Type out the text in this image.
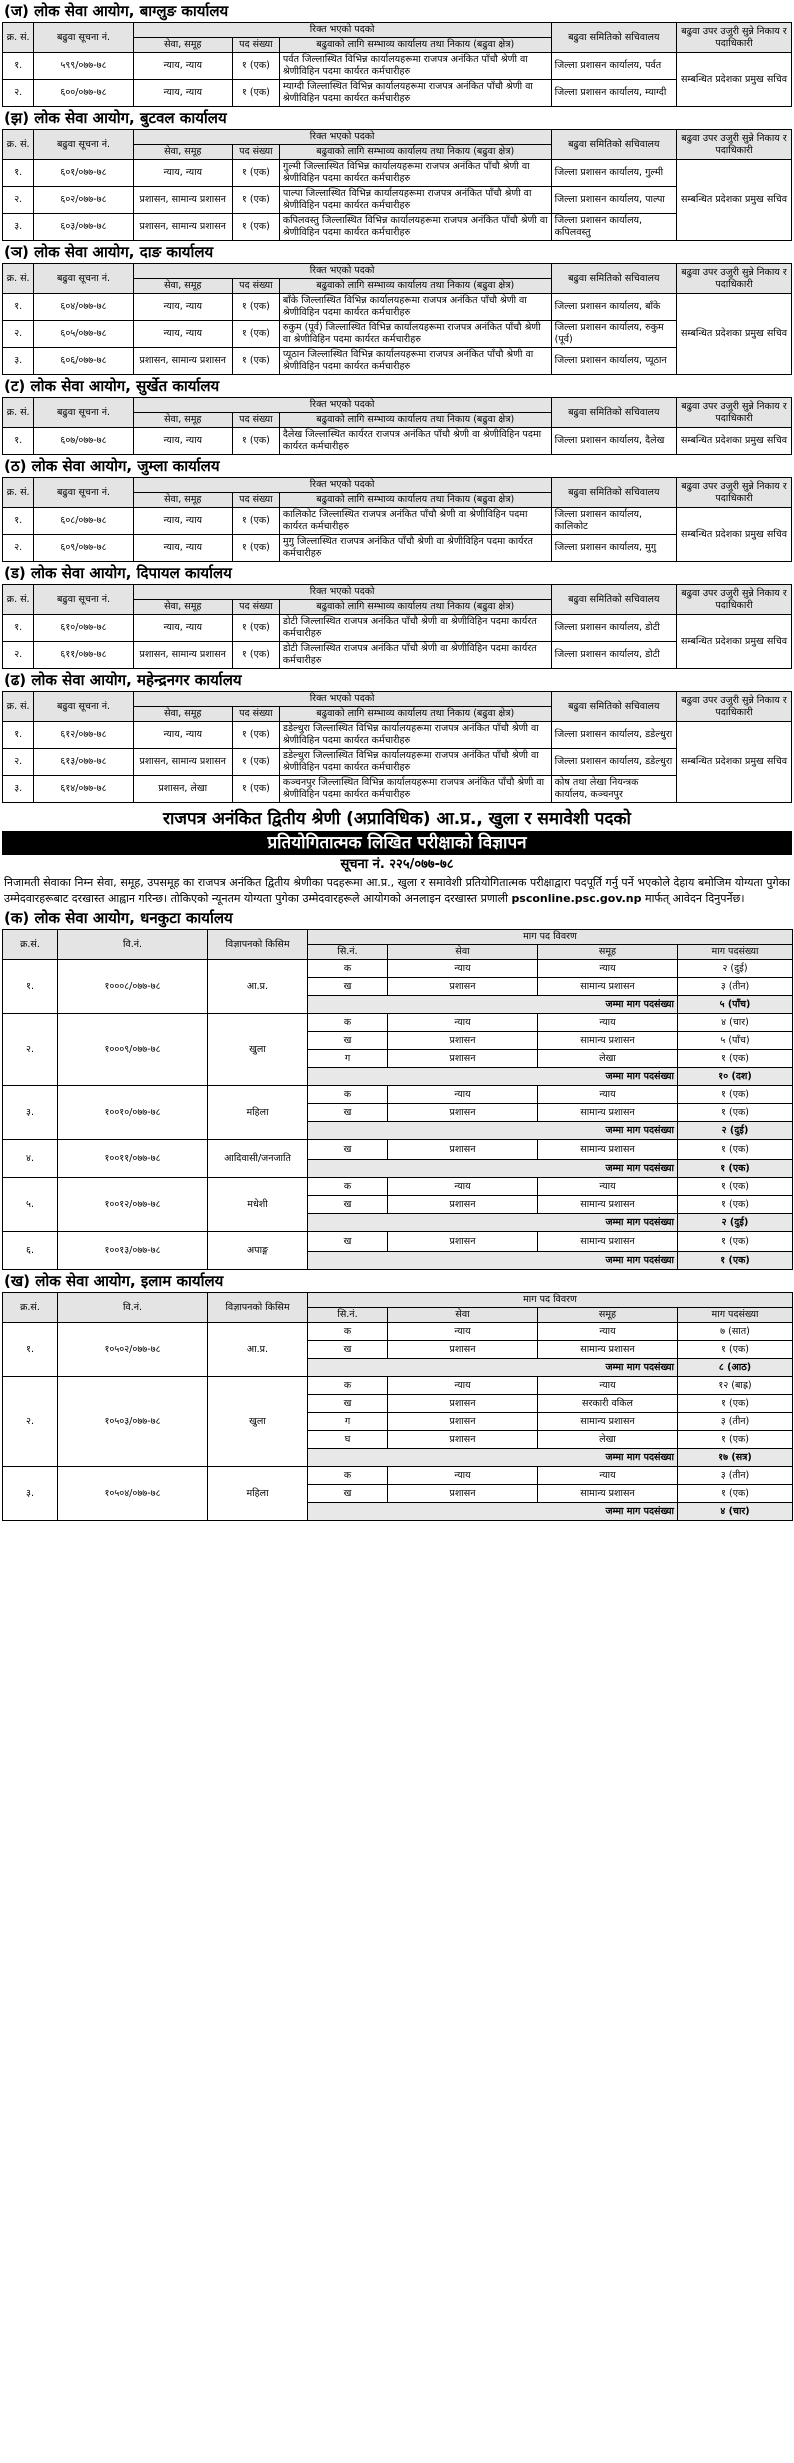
(ज) लोक सेवा आयोग, बाग्लुङ कार्यालय
क्र. सं.	बढुवा सूचना नं.	रिक्त भएको पदको			बढुवा समितिको सचिवालय	बढुवा उपर उजुरी सुन्ने निकाय र पदाधिकारी
		सेवा, समूह	पद संख्या	बढुवाको लागि सम्भाव्य कार्यालय तथा निकाय (बढुवा क्षेत्र)		
१.	५९९/०७७-७८	न्याय, न्याय	१ (एक)	पर्वत जिल्लास्थित विभिन्न कार्यालयहरूमा राजपत्र अनंकित पाँचौ श्रेणी वा श्रेणीविहिन पदमा कार्यरत कर्मचारीहरु	जिल्ला प्रशासन कार्यालय, पर्वत	सम्बन्धित प्रदेशका प्रमुख सचिव
२.	६००/०७७-७८	न्याय, न्याय	१ (एक)	म्याग्दी जिल्लास्थित विभिन्न कार्यालयहरूमा राजपत्र अनंकित पाँचौ श्रेणी वा श्रेणीविहिन पदमा कार्यरत कर्मचारीहरु	जिल्ला प्रशासन कार्यालय, म्याग्दी	
(झ) लोक सेवा आयोग, बुटवल कार्यालय
क्र. सं.	बढुवा सूचना नं.	रिक्त भएको पदको			बढुवा समितिको सचिवालय	बढुवा उपर उजुरी सुन्ने निकाय र पदाधिकारी
		सेवा, समूह	पद संख्या	बढुवाको लागि सम्भाव्य कार्यालय तथा निकाय (बढुवा क्षेत्र)		
१.	६०१/०७७-७८	न्याय, न्याय	१ (एक)	गुल्मी जिल्लास्थित विभिन्न कार्यालयहरूमा राजपत्र अनंकित पाँचौ श्रेणी वा श्रेणीविहिन पदमा कार्यरत कर्मचारीहरु	जिल्ला प्रशासन कार्यालय, गुल्मी	सम्बन्धित प्रदेशका प्रमुख सचिव
२.	६०२/०७७-७८	प्रशासन, सामान्य प्रशासन	१ (एक)	पाल्पा जिल्लास्थित विभिन्न कार्यालयहरूमा राजपत्र अनंकित पाँचौ श्रेणी वा श्रेणीविहिन पदमा कार्यरत कर्मचारीहरु	जिल्ला प्रशासन कार्यालय, पाल्पा	
३.	६०३/०७७-७८	प्रशासन, सामान्य प्रशासन	१ (एक)	कपिलवस्तु जिल्लास्थित विभिन्न कार्यालयहरूमा राजपत्र अनंकित पाँचौ श्रेणी वा श्रेणीविहिन पदमा कार्यरत कर्मचारीहरु	जिल्ला प्रशासन कार्यालय, कपिलवस्तु	
(ञ) लोक सेवा आयोग, दाङ कार्यालय
क्र. सं.	बढुवा सूचना नं.	रिक्त भएको पदको			बढुवा समितिको सचिवालय	बढुवा उपर उजुरी सुन्ने निकाय र पदाधिकारी
		सेवा, समूह	पद संख्या	बढुवाको लागि सम्भाव्य कार्यालय तथा निकाय (बढुवा क्षेत्र)		
१.	६०४/०७७-७८	न्याय, न्याय	१ (एक)	बाँके जिल्लास्थित विभिन्न कार्यालयहरूमा राजपत्र अनंकित पाँचौ श्रेणी वा श्रेणीविहिन पदमा कार्यरत कर्मचारीहरु	जिल्ला प्रशासन कार्यालय, बाँके	सम्बन्धित प्रदेशका प्रमुख सचिव
२.	६०५/०७७-७८	न्याय, न्याय	१ (एक)	रुकुम (पूर्व) जिल्लास्थित विभिन्न कार्यालयहरूमा राजपत्र अनंकित पाँचौ श्रेणी वा श्रेणीविहिन पदमा कार्यरत कर्मचारीहरु	जिल्ला प्रशासन कार्यालय, रुकुम (पूर्व)	
३.	६०६/०७७-७८	प्रशासन, सामान्य प्रशासन	१ (एक)	प्यूठान जिल्लास्थित विभिन्न कार्यालयहरूमा राजपत्र अनंकित पाँचौ श्रेणी वा श्रेणीविहिन पदमा कार्यरत कर्मचारीहरु	जिल्ला प्रशासन कार्यालय, प्यूठान	
(ट) लोक सेवा आयोग, सुर्खेत कार्यालय
क्र. सं.	बढुवा सूचना नं.	रिक्त भएको पदको			बढुवा समितिको सचिवालय	बढुवा उपर उजुरी सुन्ने निकाय र पदाधिकारी
		सेवा, समूह	पद संख्या	बढुवाको लागि सम्भाव्य कार्यालय तथा निकाय (बढुवा क्षेत्र)		
१.	६०७/०७७-७८	न्याय, न्याय	१ (एक)	दैलेख जिल्लास्थित कार्यरत राजपत्र अनंकित पाँचौ श्रेणी वा श्रेणीविहिन पदमा कार्यरत कर्मचारीहरु	जिल्ला प्रशासन कार्यालय, दैलेख	सम्बन्धित प्रदेशका प्रमुख सचिव
(ठ) लोक सेवा आयोग, जुम्ला कार्यालय
क्र. सं.	बढुवा सूचना नं.	रिक्त भएको पदको			बढुवा समितिको सचिवालय	बढुवा उपर उजुरी सुन्ने निकाय र पदाधिकारी
		सेवा, समूह	पद संख्या	बढुवाको लागि सम्भाव्य कार्यालय तथा निकाय (बढुवा क्षेत्र)		
१.	६०८/०७७-७८	न्याय, न्याय	१ (एक)	कालिकोट जिल्लास्थित राजपत्र अनंकित पाँचौ श्रेणी वा श्रेणीविहिन पदमा कार्यरत कर्मचारीहरु	जिल्ला प्रशासन कार्यालय, कालिकोट	सम्बन्धित प्रदेशका प्रमुख सचिव
२.	६०९/०७७-७८	न्याय, न्याय	१ (एक)	मुगु जिल्लास्थित राजपत्र अनंकित पाँचौ श्रेणी वा श्रेणीविहिन पदमा कार्यरत कर्मचारीहरु	जिल्ला प्रशासन कार्यालय, मुगु	
(ड) लोक सेवा आयोग, दिपायल कार्यालय
क्र. सं.	बढुवा सूचना नं.	रिक्त भएको पदको			बढुवा समितिको सचिवालय	बढुवा उपर उजुरी सुन्ने निकाय र पदाधिकारी
		सेवा, समूह	पद संख्या	बढुवाको लागि सम्भाव्य कार्यालय तथा निकाय (बढुवा क्षेत्र)		
१.	६१०/०७७-७८	न्याय, न्याय	१ (एक)	डोटी जिल्लास्थित राजपत्र अनंकित पाँचौ श्रेणी वा श्रेणीविहिन पदमा कार्यरत कर्मचारीहरु	जिल्ला प्रशासन कार्यालय, डोटी	सम्बन्धित प्रदेशका प्रमुख सचिव
२.	६११/०७७-७८	प्रशासन, सामान्य प्रशासन	१ (एक)	डोटी जिल्लास्थित राजपत्र अनंकित पाँचौ श्रेणी वा श्रेणीविहिन पदमा कार्यरत कर्मचारीहरु	जिल्ला प्रशासन कार्यालय, डोटी	
(ढ) लोक सेवा आयोग, महेन्द्रनगर कार्यालय
क्र. सं.	बढुवा सूचना नं.	रिक्त भएको पदको			बढुवा समितिको सचिवालय	बढुवा उपर उजुरी सुन्ने निकाय र पदाधिकारी
		सेवा, समूह	पद संख्या	बढुवाको लागि सम्भाव्य कार्यालय तथा निकाय (बढुवा क्षेत्र)		
१.	६१२/०७७-७८	न्याय, न्याय	१ (एक)	डडेल्धुरा जिल्लास्थित विभिन्न कार्यालयहरूमा राजपत्र अनंकित पाँचौ श्रेणी वा श्रेणीविहिन पदमा कार्यरत कर्मचारीहरु	जिल्ला प्रशासन कार्यालय, डडेल्धुरा	सम्बन्धित प्रदेशका प्रमुख सचिव
२.	६१३/०७७-७८	प्रशासन, सामान्य प्रशासन	१ (एक)	डडेल्धुरा जिल्लास्थित विभिन्न कार्यालयहरूमा राजपत्र अनंकित पाँचौ श्रेणी वा श्रेणीविहिन पदमा कार्यरत कर्मचारीहरु	जिल्ला प्रशासन कार्यालय, डडेल्धुरा	
३.	६१४/०७७-७८	प्रशासन, लेखा	१ (एक)	कञ्चनपुर जिल्लास्थित विभिन्न कार्यालयहरूमा राजपत्र अनंकित पाँचौ श्रेणी वा श्रेणीविहिन पदमा कार्यरत कर्मचारीहरु	कोष तथा लेखा नियन्त्रक कार्यालय, कञ्चनपुर	
राजपत्र अनंकित द्वितीय श्रेणी (अप्राविधिक) आ.प्र., खुला र समावेशी पदको
प्रतियोगितात्मक लिखित परीक्षाको विज्ञापन
सूचना नं. २२५/०७७-७८

निजामती सेवाका निम्न सेवा, समूह, उपसमूह का राजपत्र अनंकित द्वितीय श्रेणीका पदहरूमा आ.प्र., खुला र समावेशी प्रतियोगितात्मक परीक्षाद्वारा पदपूर्ति गर्नु पर्ने भएकोले देहाय बमोजिम योग्यता पुगेका उम्मेदवारहरूबाट दरखास्त आह्वान गरिन्छ। तोकिएको न्यूनतम योग्यता पुगेका उम्मेदवारहरूले आयोगको अनलाइन दरखास्त प्रणाली psconline.psc.gov.np मार्फत् आवेदन दिनुपर्नेछ।

(क) लोक सेवा आयोग, धनकुटा कार्यालय
क्र.सं.	वि.नं.	विज्ञापनको किसिम	माग पद विवरण			
			सि.नं.	सेवा	समूह	माग पदसंख्या
१.	१०००८/०७७-७८	आ.प्र.	क	न्याय	न्याय	२ (दुई)
			ख	प्रशासन	सामान्य प्रशासन	३ (तीन)
			जम्मा माग पदसंख्या			५ (पाँच)
२.	१०००९/०७७-७८	खुला	क	न्याय	न्याय	४ (चार)
			ख	प्रशासन	सामान्य प्रशासन	५ (पाँच)
			ग	प्रशासन	लेखा	१ (एक)
			जम्मा माग पदसंख्या			१० (दश)
३.	१००१०/०७७-७८	महिला	क	न्याय	न्याय	१ (एक)
			ख	प्रशासन	सामान्य प्रशासन	१ (एक)
			जम्मा माग पदसंख्या			२ (दुई)
४.	१००११/०७७-७८	आदिवासी/जनजाति	ख	प्रशासन	सामान्य प्रशासन	१ (एक)
			जम्मा माग पदसंख्या			१ (एक)
५.	१००१२/०७७-७८	मधेशी	क	न्याय	न्याय	१ (एक)
			ख	प्रशासन	सामान्य प्रशासन	१ (एक)
			जम्मा माग पदसंख्या			२ (दुई)
६.	१००१३/०७७-७८	अपाङ्ग	ख	प्रशासन	सामान्य प्रशासन	१ (एक)
			जम्मा माग पदसंख्या			१ (एक)
(ख) लोक सेवा आयोग, इलाम कार्यालय
क्र.सं.	वि.नं.	विज्ञापनको किसिम	माग पद विवरण			
			सि.नं.	सेवा	समूह	माग पदसंख्या
१.	१०५०२/०७७-७८	आ.प्र.	क	न्याय	न्याय	७ (सात)
			ख	प्रशासन	सामान्य प्रशासन	१ (एक)
			जम्मा माग पदसंख्या			८ (आठ)
२.	१०५०३/०७७-७८	खुला	क	न्याय	न्याय	१२ (बाह्र)
			ख	प्रशासन	सरकारी वकिल	१ (एक)
			ग	प्रशासन	सामान्य प्रशासन	३ (तीन)
			घ	प्रशासन	लेखा	१ (एक)
			जम्मा माग पदसंख्या			१७ (सत्र)
३.	१०५०४/०७७-७८	महिला	क	न्याय	न्याय	३ (तीन)
			ख	प्रशासन	सामान्य प्रशासन	१ (एक)
			जम्मा माग पदसंख्या			४ (चार)
